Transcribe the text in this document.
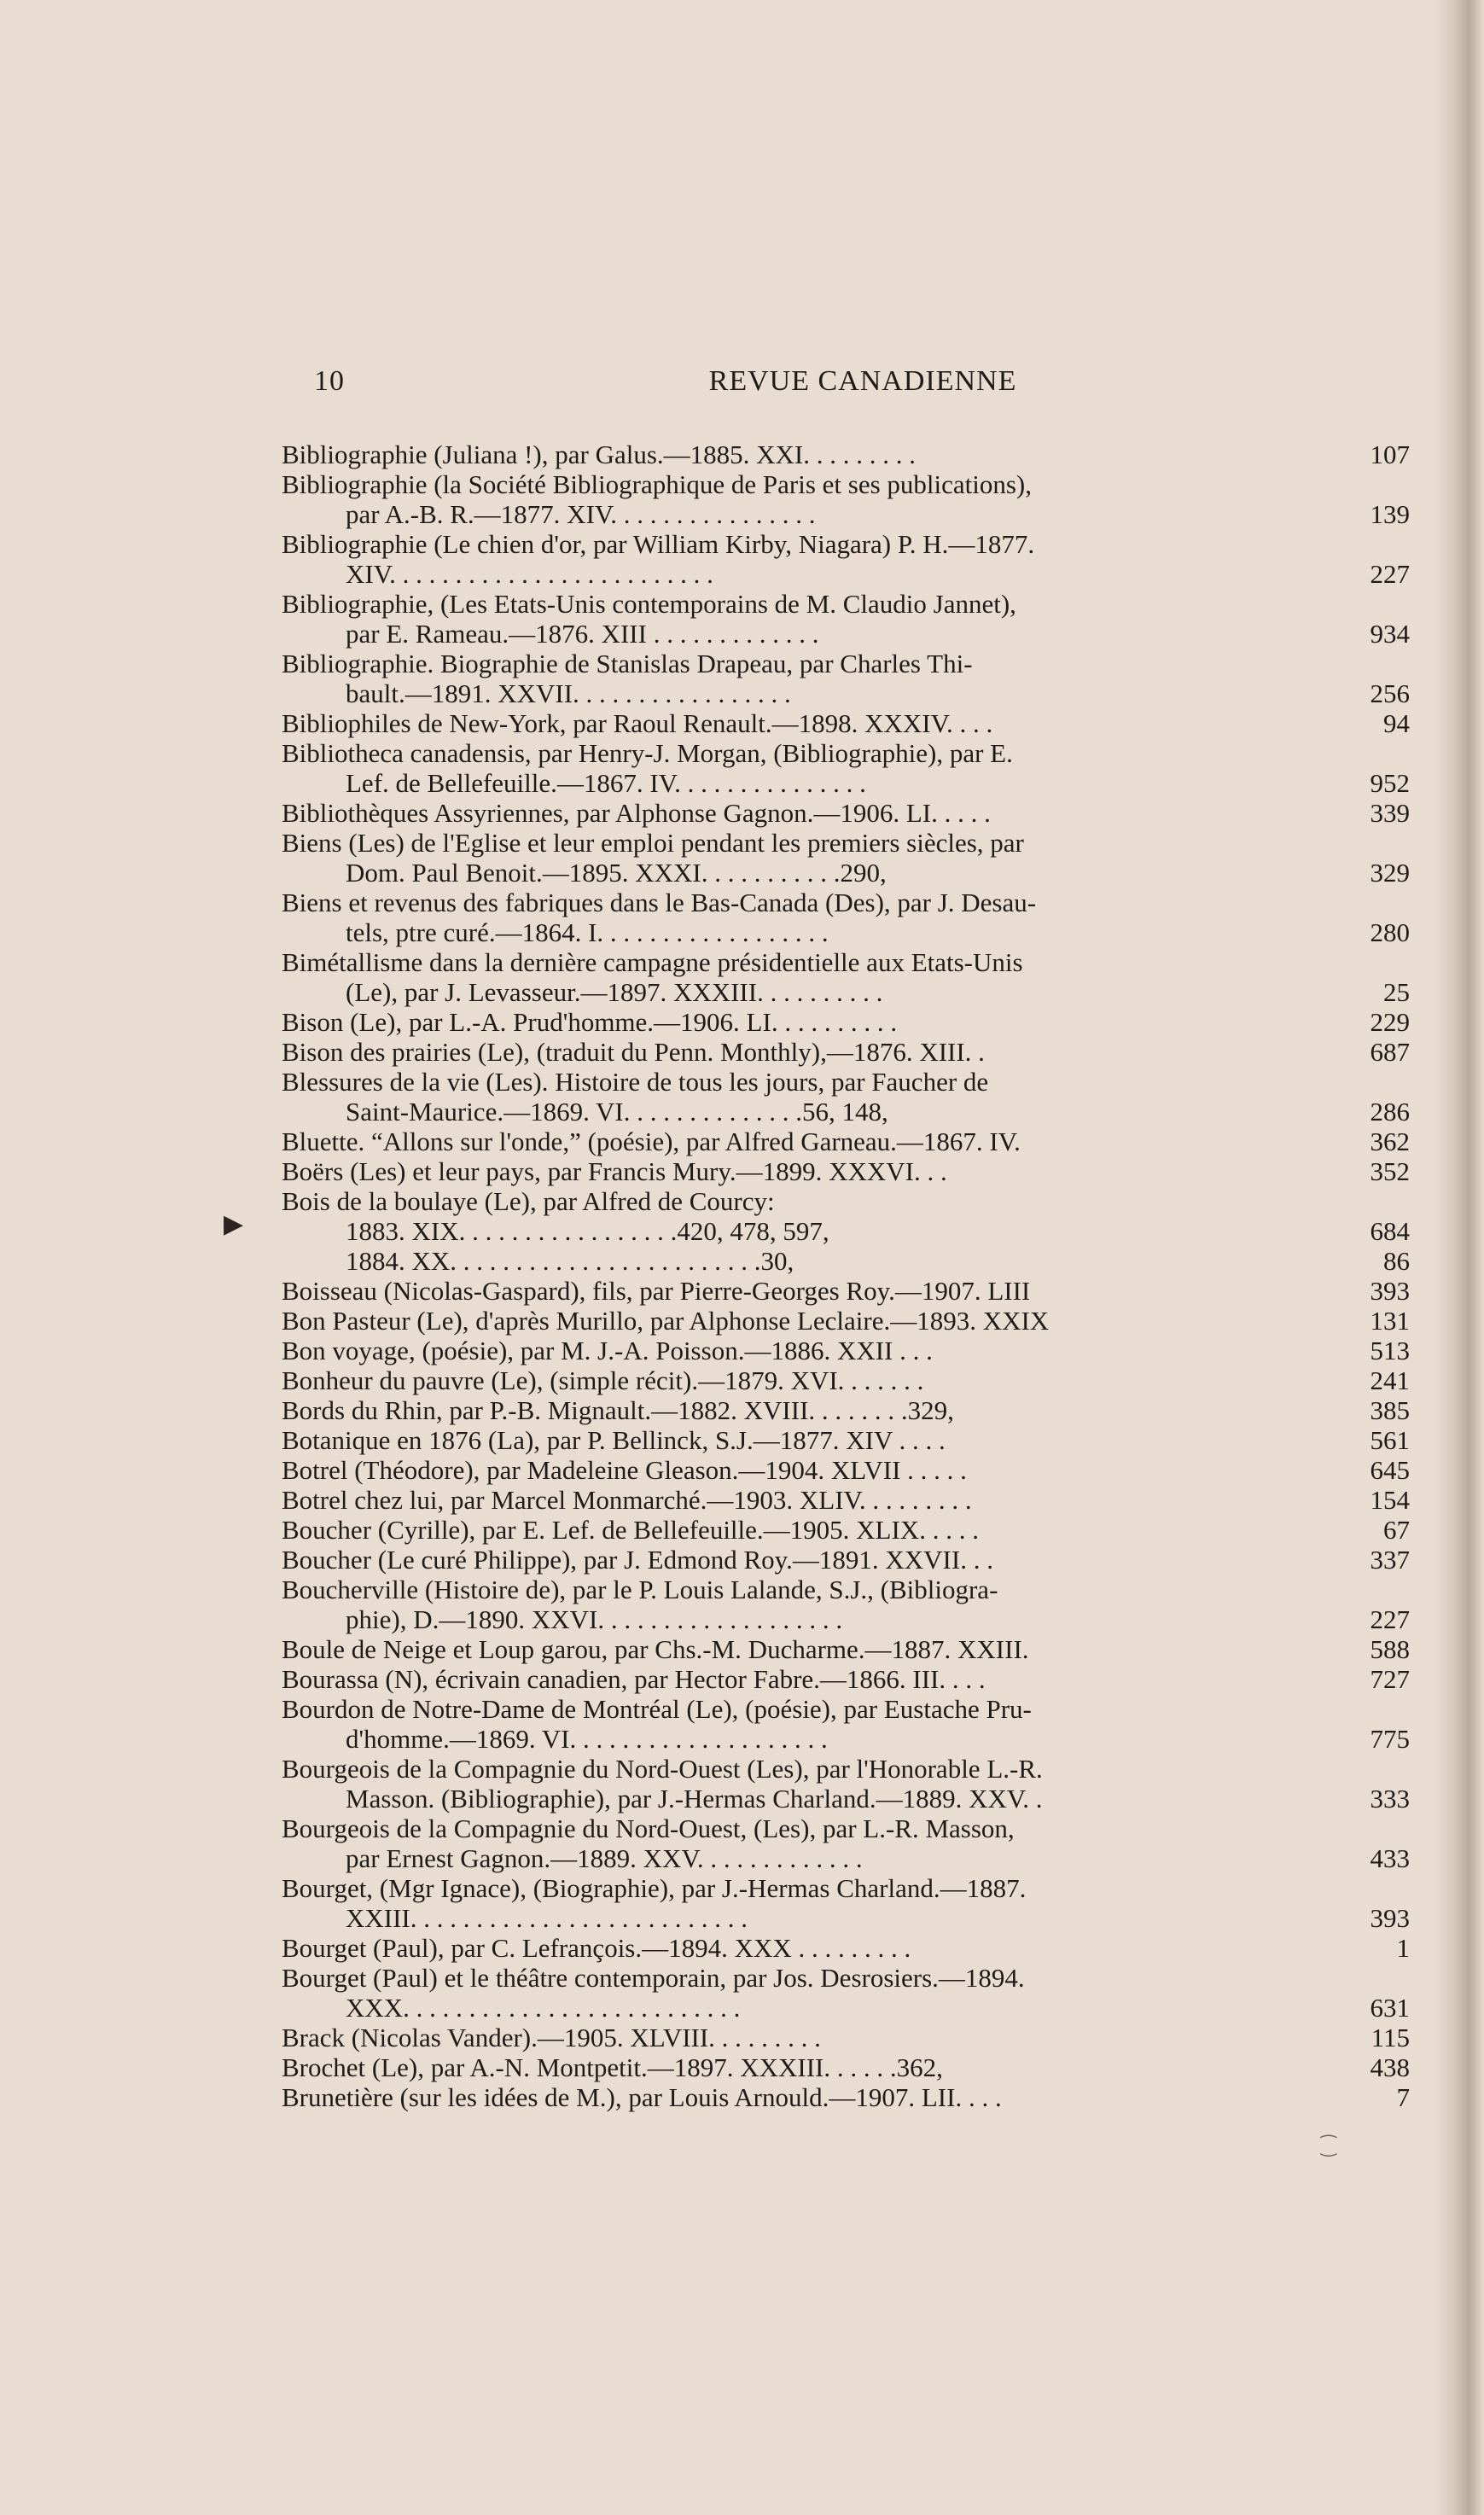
10	REVUE CANADIENNE
▶
⁐
Bibliographie (Juliana !), par Galus.—1885. XXI. . . . . . . . .	107
Bibliographie (la Société Bibliographique de Paris et ses publications),
par A.-B. R.—1877. XIV. . . . . . . . . . . . . . . .	139
Bibliographie (Le chien d'or, par William Kirby, Niagara) P. H.—1877.
XIV. . . . . . . . . . . . . . . . . . . . . . . . .	227
Bibliographie, (Les Etats-Unis contemporains de M. Claudio Jannet),
par E. Rameau.—1876. XIII . . . . . . . . . . . . .	934
Bibliographie. Biographie de Stanislas Drapeau, par Charles Thi-
bault.—1891. XXVII. . . . . . . . . . . . . . . . .	256
Bibliophiles de New-York, par Raoul Renault.—1898. XXXIV. . . .	94
Bibliotheca canadensis, par Henry-J. Morgan, (Bibliographie), par E.
Lef. de Bellefeuille.—1867. IV. . . . . . . . . . . . . . .	952
Bibliothèques Assyriennes, par Alphonse Gagnon.—1906. LI. . . . .	339
Biens (Les) de l'Eglise et leur emploi pendant les premiers siècles, par
Dom. Paul Benoit.—1895. XXXI. . . . . . . . . . .290,	329
Biens et revenus des fabriques dans le Bas-Canada (Des), par J. Desau-
tels, ptre curé.—1864. I. . . . . . . . . . . . . . . . . .	280
Bimétallisme dans la dernière campagne présidentielle aux Etats-Unis
(Le), par J. Levasseur.—1897. XXXIII. . . . . . . . . .	25
Bison (Le), par L.-A. Prud'homme.—1906. LI. . . . . . . . . .	229
Bison des prairies (Le), (traduit du Penn. Monthly),—1876. XIII. .	687
Blessures de la vie (Les). Histoire de tous les jours, par Faucher de
Saint-Maurice.—1869. VI. . . . . . . . . . . . . .56, 148,	286
Bluette. “Allons sur l'onde,” (poésie), par Alfred Garneau.—1867. IV.	362
Boërs (Les) et leur pays, par Francis Mury.—1899. XXXVI. . .	352
Bois de la boulaye (Le), par Alfred de Courcy:
1883. XIX. . . . . . . . . . . . . . . . .420, 478, 597,	684
1884. XX. . . . . . . . . . . . . . . . . . . . . . . .30,	86
Boisseau (Nicolas-Gaspard), fils, par Pierre-Georges Roy.—1907. LIII	393
Bon Pasteur (Le), d'après Murillo, par Alphonse Leclaire.—1893. XXIX	131
Bon voyage, (poésie), par M. J.-A. Poisson.—1886. XXII . . .	513
Bonheur du pauvre (Le), (simple récit).—1879. XVI. . . . . . .	241
Bords du Rhin, par P.-B. Mignault.—1882. XVIII. . . . . . . .329,	385
Botanique en 1876 (La), par P. Bellinck, S.J.—1877. XIV . . . .	561
Botrel (Théodore), par Madeleine Gleason.—1904. XLVII . . . . .	645
Botrel chez lui, par Marcel Monmarché.—1903. XLIV. . . . . . . . .	154
Boucher (Cyrille), par E. Lef. de Bellefeuille.—1905. XLIX. . . . .	67
Boucher (Le curé Philippe), par J. Edmond Roy.—1891. XXVII. . .	337
Boucherville (Histoire de), par le P. Louis Lalande, S.J., (Bibliogra-
phie), D.—1890. XXVI. . . . . . . . . . . . . . . . . . .	227
Boule de Neige et Loup garou, par Chs.-M. Ducharme.—1887. XXIII.	588
Bourassa (N), écrivain canadien, par Hector Fabre.—1866. III. . . .	727
Bourdon de Notre-Dame de Montréal (Le), (poésie), par Eustache Pru-
d'homme.—1869. VI. . . . . . . . . . . . . . . . . . . .	775
Bourgeois de la Compagnie du Nord-Ouest (Les), par l'Honorable L.-R.
Masson. (Bibliographie), par J.-Hermas Charland.—1889. XXV. .	333
Bourgeois de la Compagnie du Nord-Ouest, (Les), par L.-R. Masson,
par Ernest Gagnon.—1889. XXV. . . . . . . . . . . . .	433
Bourget, (Mgr Ignace), (Biographie), par J.-Hermas Charland.—1887.
XXIII. . . . . . . . . . . . . . . . . . . . . . . . . .	393
Bourget (Paul), par C. Lefrançois.—1894. XXX . . . . . . . . .	1
Bourget (Paul) et le théâtre contemporain, par Jos. Desrosiers.—1894.
XXX. . . . . . . . . . . . . . . . . . . . . . . . . .	631
Brack (Nicolas Vander).—1905. XLVIII. . . . . . . . .	115
Brochet (Le), par A.-N. Montpetit.—1897. XXXIII. . . . . .362,	438
Brunetière (sur les idées de M.), par Louis Arnould.—1907. LII. . . .	7
